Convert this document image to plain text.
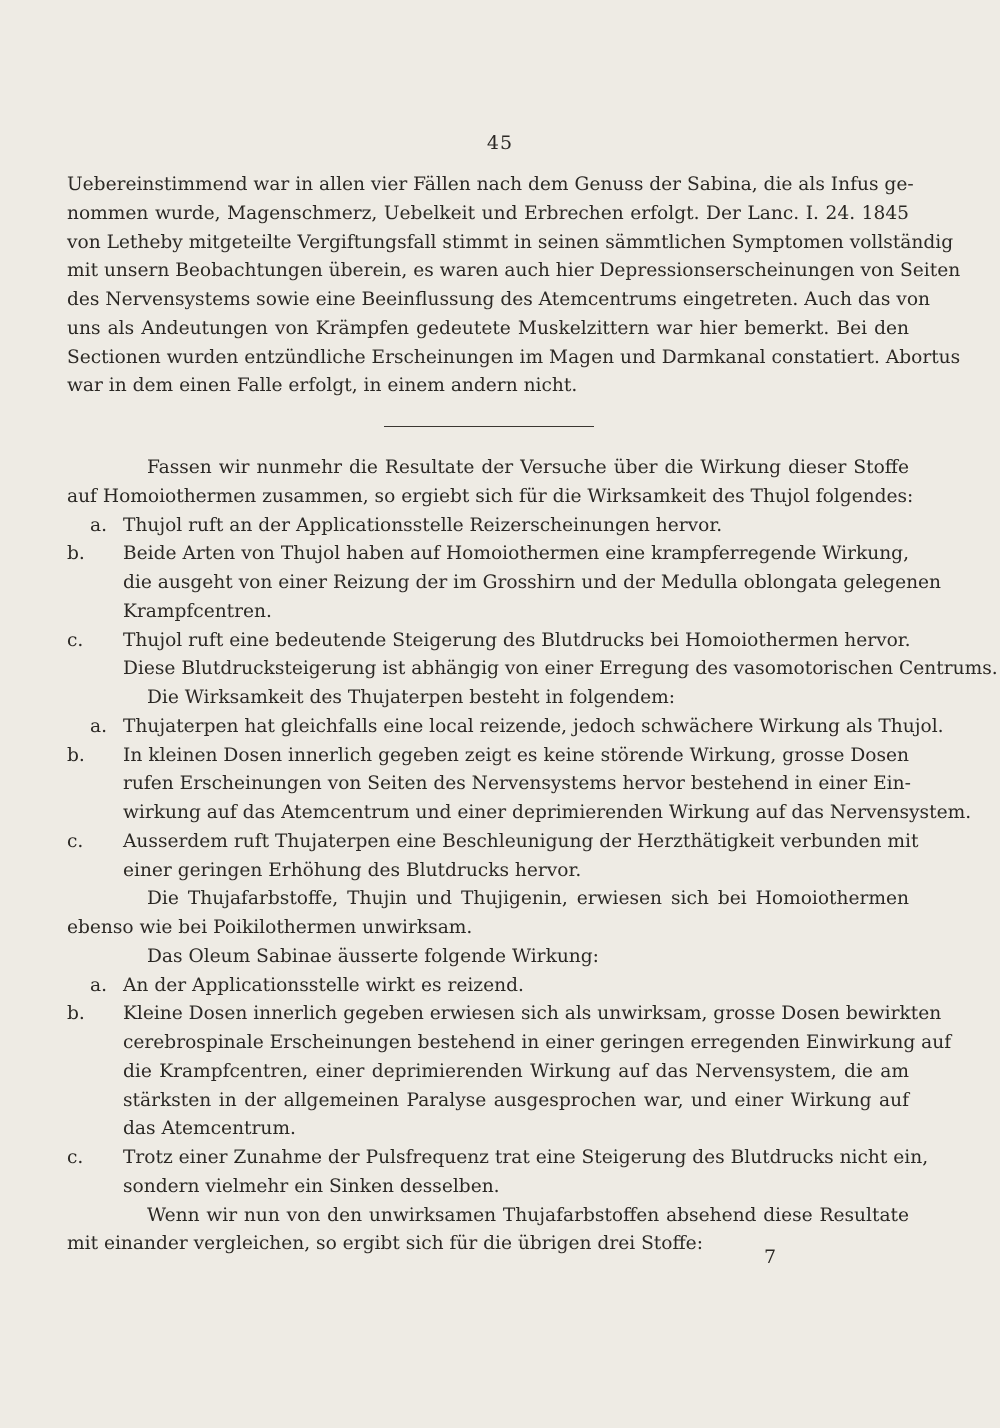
45
Uebereinstimmend war in allen vier Fällen nach dem Genuss der Sabina, die als Infus ge-
nommen wurde, Magenschmerz, Uebelkeit und Erbrechen erfolgt. Der Lanc. I. 24. 1845
von Letheby mitgeteilte Vergiftungsfall stimmt in seinen sämmtlichen Symptomen vollständig
mit unsern Beobachtungen überein, es waren auch hier Depressionserscheinungen von Seiten
des Nervensystems sowie eine Beeinflussung des Atemcentrums eingetreten. Auch das von
uns als Andeutungen von Krämpfen gedeutete Muskelzittern war hier bemerkt. Bei den
Sectionen wurden entzündliche Erscheinungen im Magen und Darmkanal constatiert. Abortus
war in dem einen Falle erfolgt, in einem andern nicht.
Fassen wir nunmehr die Resultate der Versuche über die Wirkung dieser Stoffe
auf Homoiothermen zusammen, so ergiebt sich für die Wirksamkeit des Thujol folgendes:
a. Thujol ruft an der Applicationsstelle Reizerscheinungen hervor.
b.	Beide Arten von Thujol haben auf Homoiothermen eine krampferregende Wirkung,
die ausgeht von einer Reizung der im Grosshirn und der Medulla oblongata gelegenen
Krampfcentren.
c.	Thujol ruft eine bedeutende Steigerung des Blutdrucks bei Homoiothermen hervor.
Diese Blutdrucksteigerung ist abhängig von einer Erregung des vasomotorischen Centrums.
Die Wirksamkeit des Thujaterpen besteht in folgendem:
a. Thujaterpen hat gleichfalls eine local reizende, jedoch schwächere Wirkung als Thujol.
b.	In kleinen Dosen innerlich gegeben zeigt es keine störende Wirkung, grosse Dosen
rufen Erscheinungen von Seiten des Nervensystems hervor bestehend in einer Ein-
wirkung auf das Atemcentrum und einer deprimierenden Wirkung auf das Nervensystem.
c.	Ausserdem ruft Thujaterpen eine Beschleunigung der Herzthätigkeit verbunden mit
einer geringen Erhöhung des Blutdrucks hervor.
Die Thujafarbstoffe, Thujin und Thujigenin, erwiesen sich bei Homoiothermen
ebenso wie bei Poikilothermen unwirksam.
Das Oleum Sabinae äusserte folgende Wirkung:
a. An der Applicationsstelle wirkt es reizend.
b.	Kleine Dosen innerlich gegeben erwiesen sich als unwirksam, grosse Dosen bewirkten
cerebrospinale Erscheinungen bestehend in einer geringen erregenden Einwirkung auf
die Krampfcentren, einer deprimierenden Wirkung auf das Nervensystem, die am
stärksten in der allgemeinen Paralyse ausgesprochen war, und einer Wirkung auf
das Atemcentrum.
c.	Trotz einer Zunahme der Pulsfrequenz trat eine Steigerung des Blutdrucks nicht ein,
sondern vielmehr ein Sinken desselben.
Wenn wir nun von den unwirksamen Thujafarbstoffen absehend diese Resultate
mit einander vergleichen, so ergibt sich für die übrigen drei Stoffe:
7
